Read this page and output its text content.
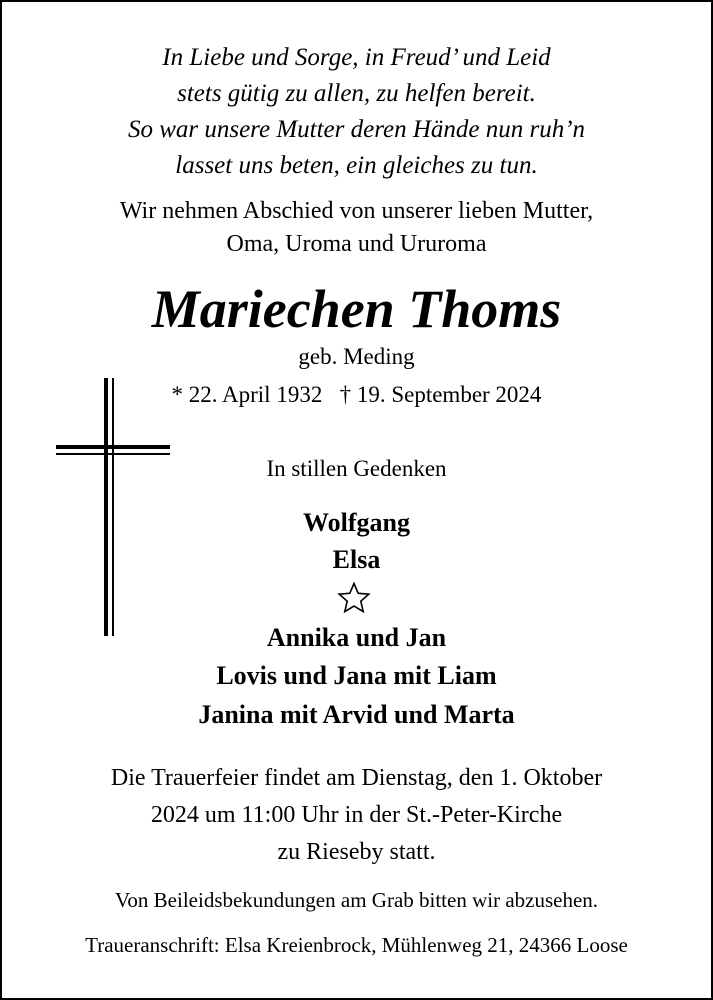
In Liebe und Sorge, in Freud’ und Leid
stets gütig zu allen, zu helfen bereit.
So war unsere Mutter deren Hände nun ruh’n
lasset uns beten, ein gleiches zu tun.
Wir nehmen Abschied von unserer lieben Mutter,
Oma, Uroma und Ururoma
Mariechen Thoms
geb. Meding
* 22. April 1932   † 19. September 2024
In stillen Gedenken
Wolfgang
Elsa
Annika und Jan
Lovis und Jana mit Liam
Janina mit Arvid und Marta
Die Trauerfeier findet am Dienstag, den 1. Oktober
2024 um 11:00 Uhr in der St.-Peter-Kirche
zu Rieseby statt.
Von Beileidsbekundungen am Grab bitten wir abzusehen.
Traueranschrift: Elsa Kreienbrock, Mühlenweg 21, 24366 Loose
